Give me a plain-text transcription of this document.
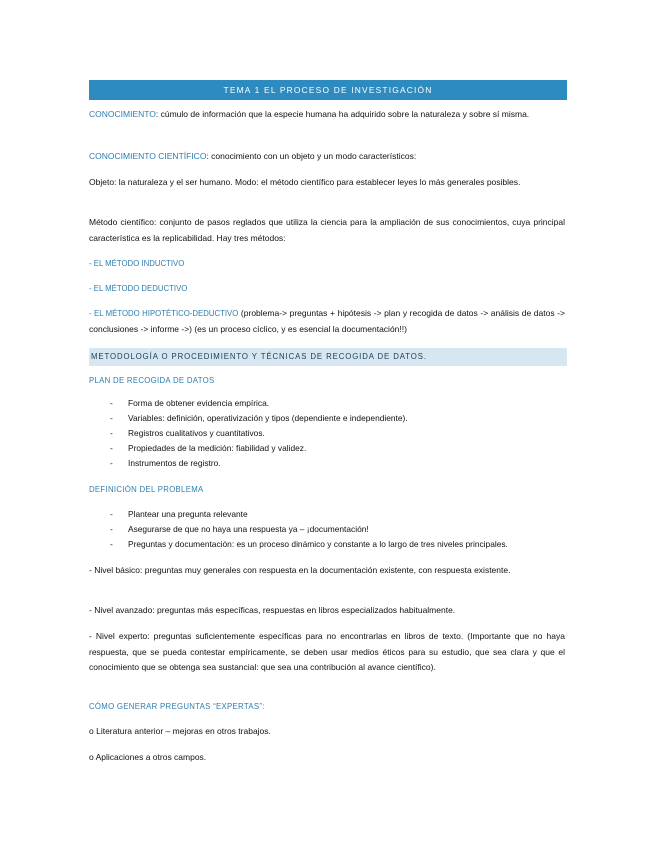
TEMA 1 EL PROCESO DE INVESTIGACIÓN
CONOCIMIENTO: cúmulo de información que la especie humana ha adquirido sobre la naturaleza y sobre sí misma.
CONOCIMIENTO CIENTÍFICO: conocimiento con un objeto y un modo característicos:
Objeto: la naturaleza y el ser humano. Modo: el método científico para establecer leyes lo más generales posibles.
Método científico: conjunto de pasos reglados que utiliza la ciencia para la ampliación de sus conocimientos, cuya principal característica es la replicabilidad. Hay tres métodos:
- EL MÉTODO INDUCTIVO
- EL MÉTODO DEDUCTIVO
- EL MÉTODO HIPOTÉTICO-DEDUCTIVO (problema-> preguntas + hipótesis -> plan y recogida de datos -> análisis de datos -> conclusiones -> informe ->) (es un proceso cíclico, y es esencial la documentación!!)
METODOLOGÍA O PROCEDIMIENTO Y TÉCNICAS DE RECOGIDA DE DATOS.
PLAN DE RECOGIDA DE DATOS
- Forma de obtener evidencia empírica.
- Variables: definición, operativización y tipos (dependiente e independiente).
- Registros cualitativos y cuantitativos.
- Propiedades de la medición: fiabilidad y validez.
- Instrumentos de registro.
DEFINICIÓN DEL PROBLEMA
- Plantear una pregunta relevante
- Asegurarse de que no haya una respuesta ya – ¡documentación!
- Preguntas y documentación: es un proceso dinámico y constante a lo largo de tres niveles principales.
- Nivel básico: preguntas muy generales con respuesta en la documentación existente, con respuesta existente.
- Nivel avanzado: preguntas más específicas, respuestas en libros especializados habitualmente.
- Nivel experto: preguntas suficientemente específicas para no encontrarlas en libros de texto. (Importante que no haya respuesta, que se pueda contestar empíricamente, se deben usar medios éticos para su estudio, que sea clara y que el conocimiento que se obtenga sea sustancial: que sea una contribución al avance científico).
CÓMO GENERAR PREGUNTAS “EXPERTAS”:
o Literatura anterior – mejoras en otros trabajos.
o Aplicaciones a otros campos.
